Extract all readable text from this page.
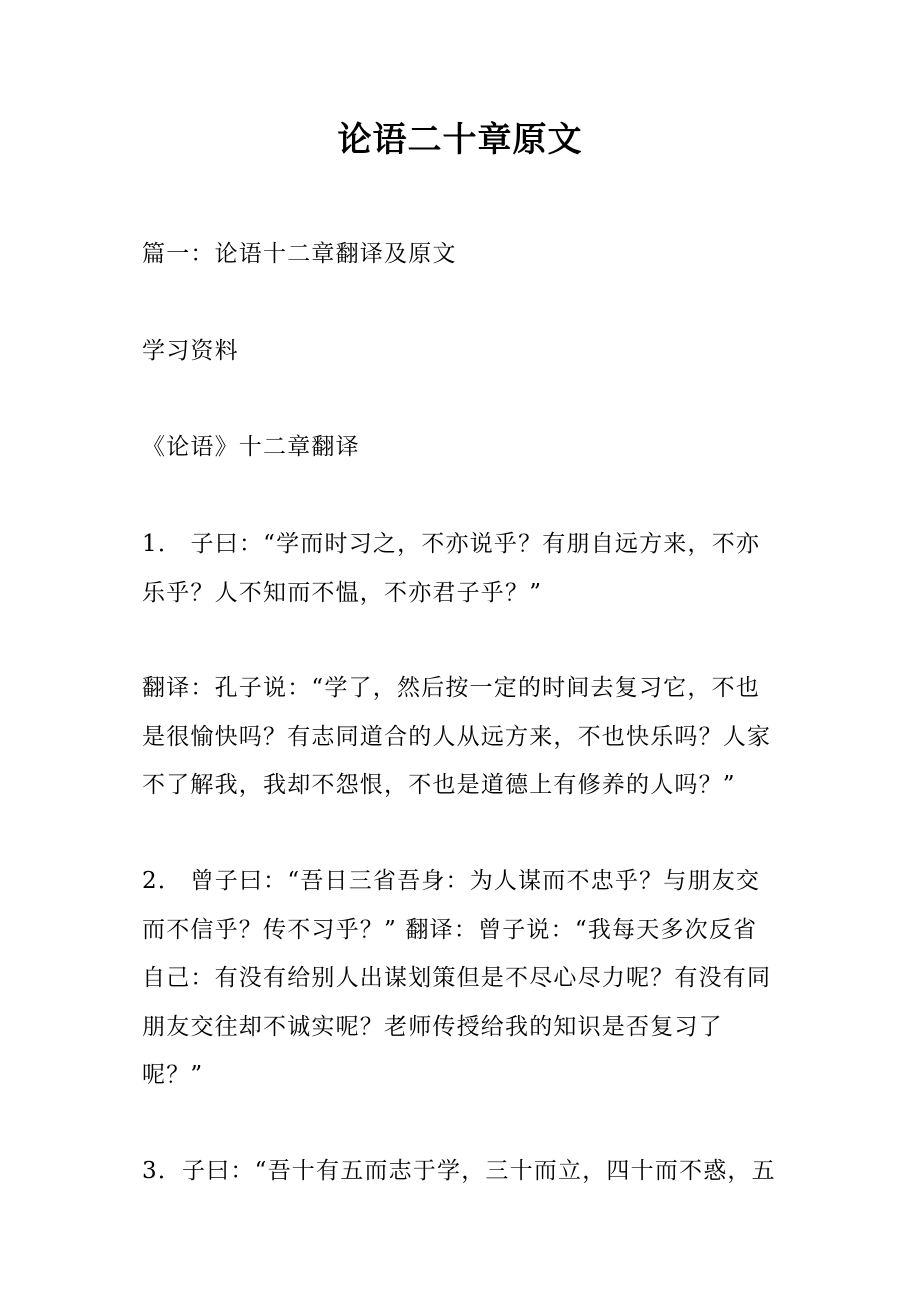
论语二十章原文

篇一：论语十二章翻译及原文

学习资料

《论语》十二章翻译

1． 子曰：“学而时习之，不亦说乎？有朋自远方来，不亦
乐乎？人不知而不愠，不亦君子乎？”

翻译：孔子说：“学了，然后按一定的时间去复习它，不也
是很愉快吗？有志同道合的人从远方来，不也快乐吗？人家
不了解我，我却不怨恨，不也是道德上有修养的人吗？”

2． 曾子曰：“吾日三省吾身：为人谋而不忠乎？与朋友交
而不信乎？传不习乎？” 翻译：曾子说：“我每天多次反省
自己：有没有给别人出谋划策但是不尽心尽力呢？有没有同
朋友交往却不诚实呢？老师传授给我的知识是否复习了
呢？”

3．子曰：“吾十有五而志于学，三十而立，四十而不惑，五
